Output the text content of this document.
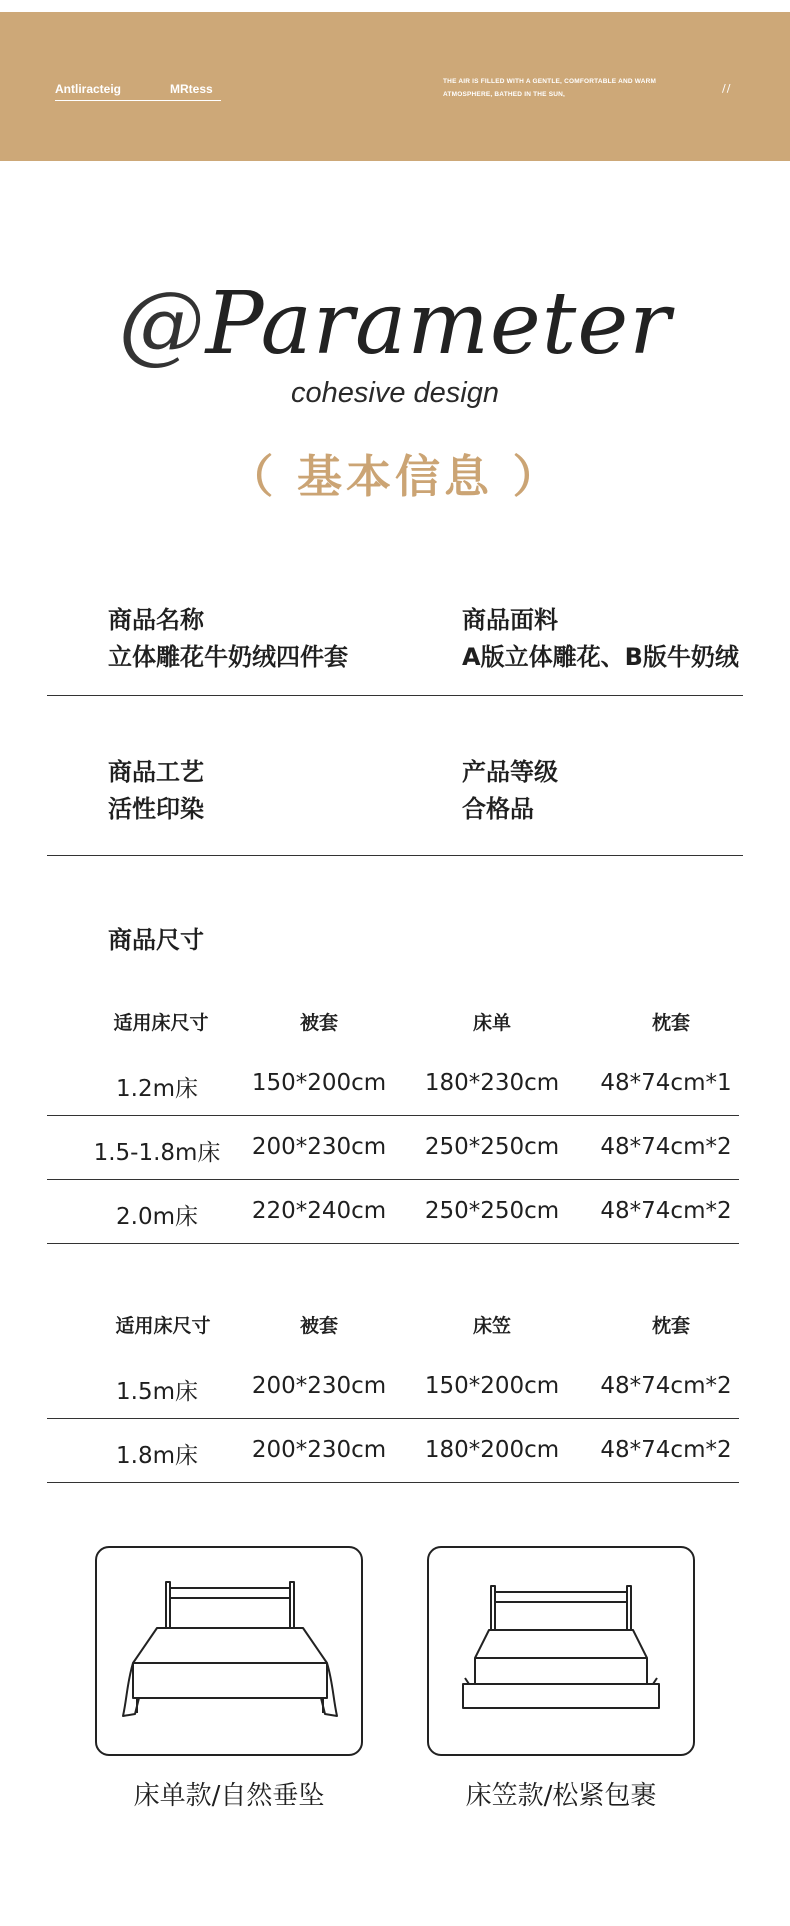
Antliracteig	MRtess
THE AIR IS FILLED WITH A GENTLE, COMFORTABLE AND WARM
ATMOSPHERE, BATHED IN THE SUN,	//
@Parameter
cohesive design
（ 基本信息 ）
商品名称
立体雕花牛奶绒四件套
商品面料
A版立体雕花、B版牛奶绒
商品工艺
活性印染
产品等级
合格品
商品尺寸
适用床尺寸	被套	床单	枕套
1.2m床	150*200cm	180*230cm	48*74cm*1
1.5-1.8m床	200*230cm	250*250cm	48*74cm*2
2.0m床	220*240cm	250*250cm	48*74cm*2
适用床尺寸	被套	床笠	枕套
1.5m床	200*230cm	150*200cm	48*74cm*2
1.8m床	200*230cm	180*200cm	48*74cm*2
床单款/自然垂坠	床笠款/松紧包裹
